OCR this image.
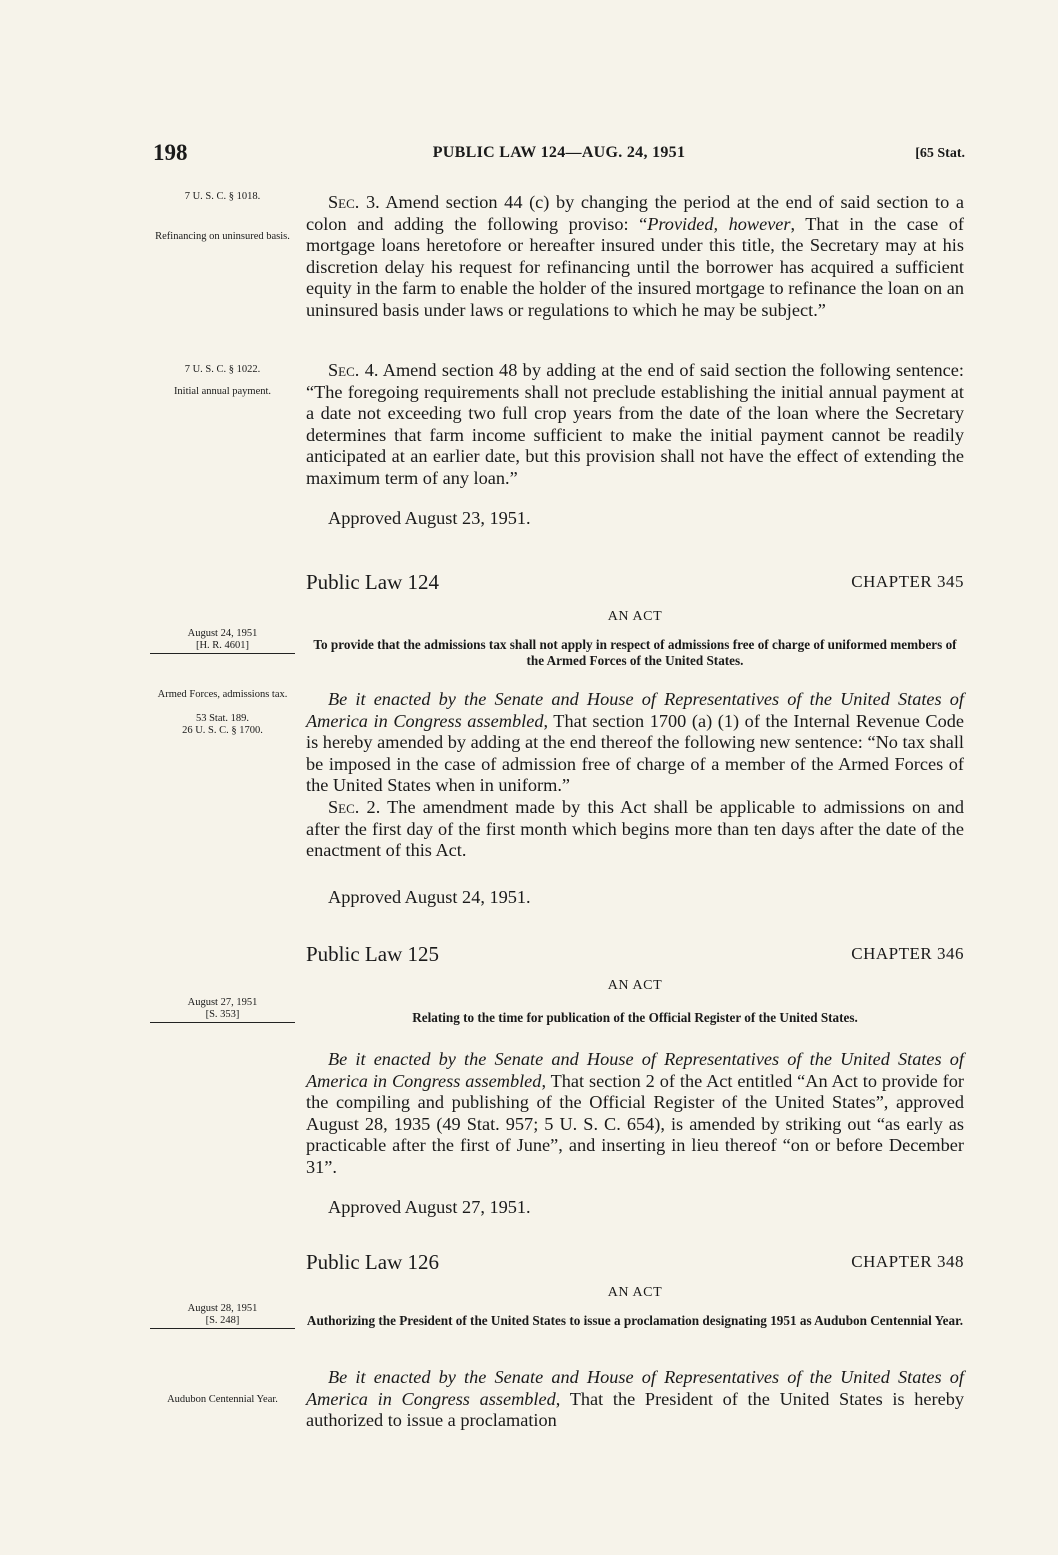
198	PUBLIC LAW 124—AUG. 24, 1951	[65 Stat.
7 U. S. C. § 1018.
Refinancing on uninsured basis.
7 U. S. C. § 1022.
Initial annual payment.
August 24, 1951
[H. R. 4601]
Armed Forces, admissions tax.
53 Stat. 189.
26 U. S. C. § 1700.
August 27, 1951
[S. 353]
August 28, 1951
[S. 248]
Audubon Centennial Year.

Sec. 3. Amend section 44 (c) by changing the period at the end of said section to a colon and adding the following proviso: “Provided, however, That in the case of mortgage loans heretofore or hereafter insured under this title, the Secretary may at his discretion delay his request for refinancing until the borrower has acquired a sufficient equity in the farm to enable the holder of the insured mortgage to refinance the loan on an uninsured basis under laws or regulations to which he may be subject.”

Sec. 4. Amend section 48 by adding at the end of said section the following sentence: “The foregoing requirements shall not preclude establishing the initial annual payment at a date not exceeding two full crop years from the date of the loan where the Secretary determines that farm income sufficient to make the initial payment cannot be readily anticipated at an earlier date, but this provision shall not have the effect of extending the maximum term of any loan.”

Approved August 23, 1951.
Public Law 124	CHAPTER 345
AN ACT
To provide that the admissions tax shall not apply in respect of admissions free of charge of uniformed members of the Armed Forces of the United States.

Be it enacted by the Senate and House of Representatives of the United States of America in Congress assembled, That section 1700 (a) (1) of the Internal Revenue Code is hereby amended by adding at the end thereof the following new sentence: “No tax shall be imposed in the case of admission free of charge of a member of the Armed Forces of the United States when in uniform.”

Sec. 2. The amendment made by this Act shall be applicable to admissions on and after the first day of the first month which begins more than ten days after the date of the enactment of this Act.

Approved August 24, 1951.
Public Law 125	CHAPTER 346
AN ACT
Relating to the time for publication of the Official Register of the United States.

Be it enacted by the Senate and House of Representatives of the United States of America in Congress assembled, That section 2 of the Act entitled “An Act to provide for the compiling and publishing of the Official Register of the United States”, approved August 28, 1935 (49 Stat. 957; 5 U. S. C. 654), is amended by striking out “as early as practicable after the first of June”, and inserting in lieu thereof “on or before December 31”.

Approved August 27, 1951.
Public Law 126	CHAPTER 348
AN ACT
Authorizing the President of the United States to issue a proclamation designating 1951 as Audubon Centennial Year.

Be it enacted by the Senate and House of Representatives of the United States of America in Congress assembled, That the President of the United States is hereby authorized to issue a proclamation
